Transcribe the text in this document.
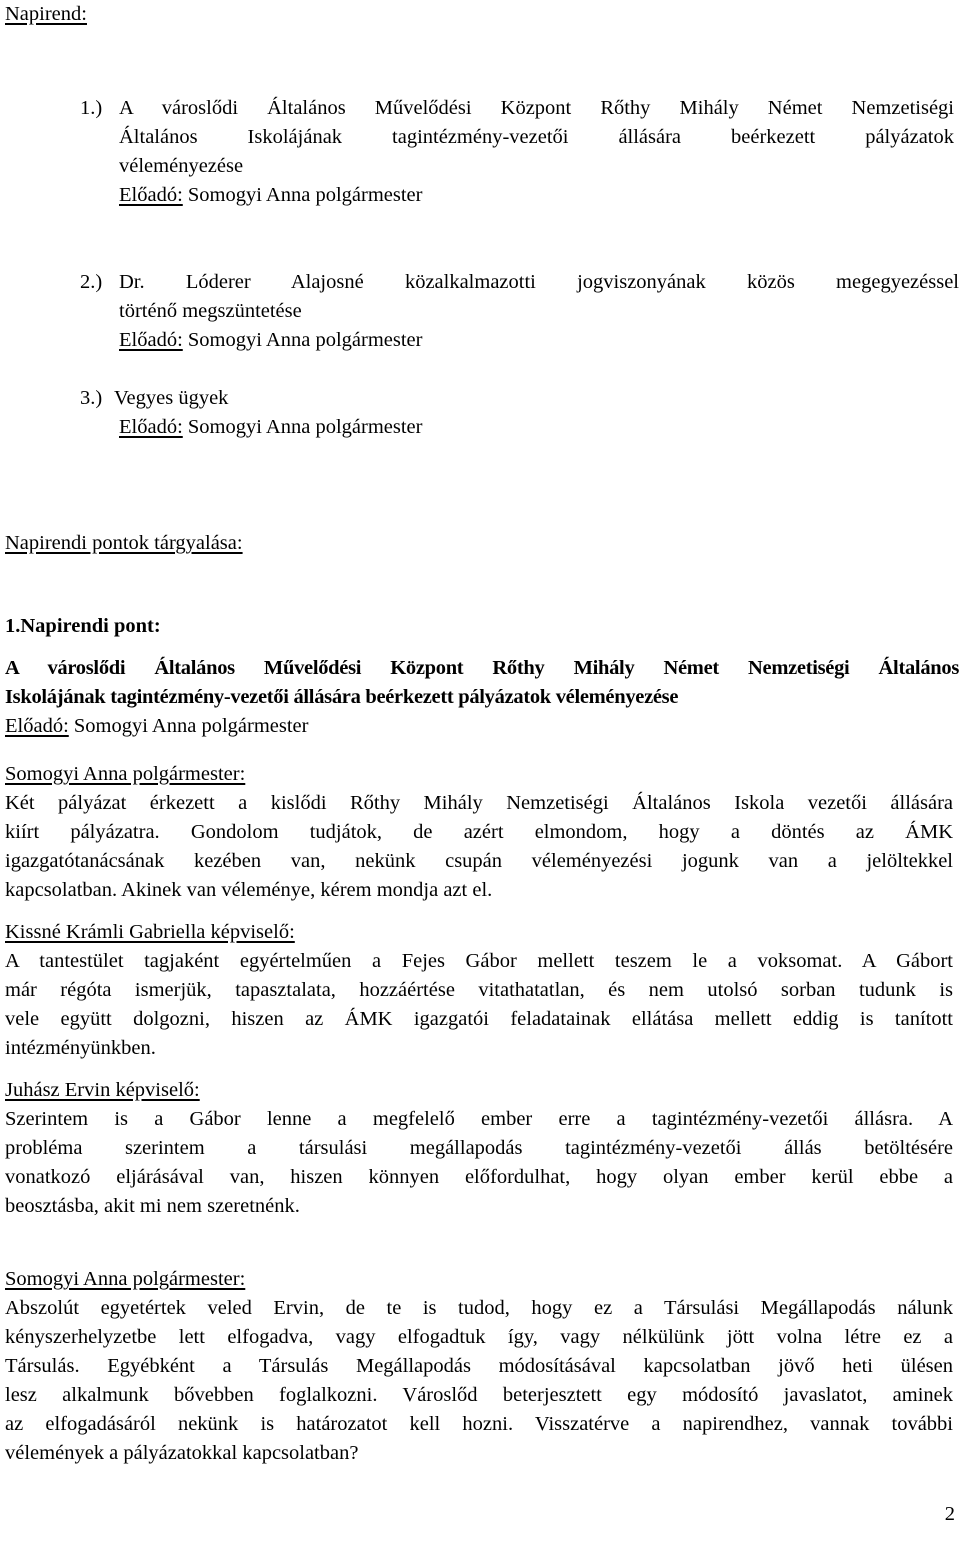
Napirend:
1.) A városlődi Általános Művelődési Központ Rőthy Mihály Német Nemzetiségi
Általános Iskolájának tagintézmény-vezetői állására beérkezett pályázatok
véleményezése
Előadó: Somogyi Anna polgármester
2.) Dr. Lóderer Alajosné közalkalmazotti jogviszonyának közös megegyezéssel
történő megszüntetése
Előadó: Somogyi Anna polgármester
3.) Vegyes ügyek
Előadó: Somogyi Anna polgármester
Napirendi pontok tárgyalása:
1.Napirendi pont:
A városlődi Általános Művelődési Központ Rőthy Mihály Német Nemzetiségi Általános
Iskolájának tagintézmény-vezetői állására beérkezett pályázatok véleményezése
Előadó: Somogyi Anna polgármester
Somogyi Anna polgármester:
Két pályázat érkezett a kislődi Rőthy Mihály Nemzetiségi Általános Iskola vezetői állására
kiírt pályázatra. Gondolom tudjátok, de azért elmondom, hogy a döntés az ÁMK
igazgatótanácsának kezében van, nekünk csupán véleményezési jogunk van a jelöltekkel
kapcsolatban. Akinek van véleménye, kérem mondja azt el.
Kissné Krámli Gabriella képviselő:
A tantestület tagjaként egyértelműen a Fejes Gábor mellett teszem le a voksomat. A Gábort
már régóta ismerjük, tapasztalata, hozzáértése vitathatatlan, és nem utolsó sorban tudunk is
vele együtt dolgozni, hiszen az ÁMK igazgatói feladatainak ellátása mellett eddig is tanított
intézményünkben.
Juhász Ervin képviselő:
Szerintem is a Gábor lenne a megfelelő ember erre a tagintézmény-vezetői állásra. A
probléma szerintem a társulási megállapodás tagintézmény-vezetői állás betöltésére
vonatkozó eljárásával van, hiszen könnyen előfordulhat, hogy olyan ember kerül ebbe a
beosztásba, akit mi nem szeretnénk.
Somogyi Anna polgármester:
Abszolút egyetértek veled Ervin, de te is tudod, hogy ez a Társulási Megállapodás nálunk
kényszerhelyzetbe lett elfogadva, vagy elfogadtuk így, vagy nélkülünk jött volna létre ez a
Társulás. Egyébként a Társulás Megállapodás módosításával kapcsolatban jövő heti ülésen
lesz alkalmunk bővebben foglalkozni. Városlőd beterjesztett egy módosító javaslatot, aminek
az elfogadásáról nekünk is határozatot kell hozni. Visszatérve a napirendhez, vannak további
vélemények a pályázatokkal kapcsolatban?
2
